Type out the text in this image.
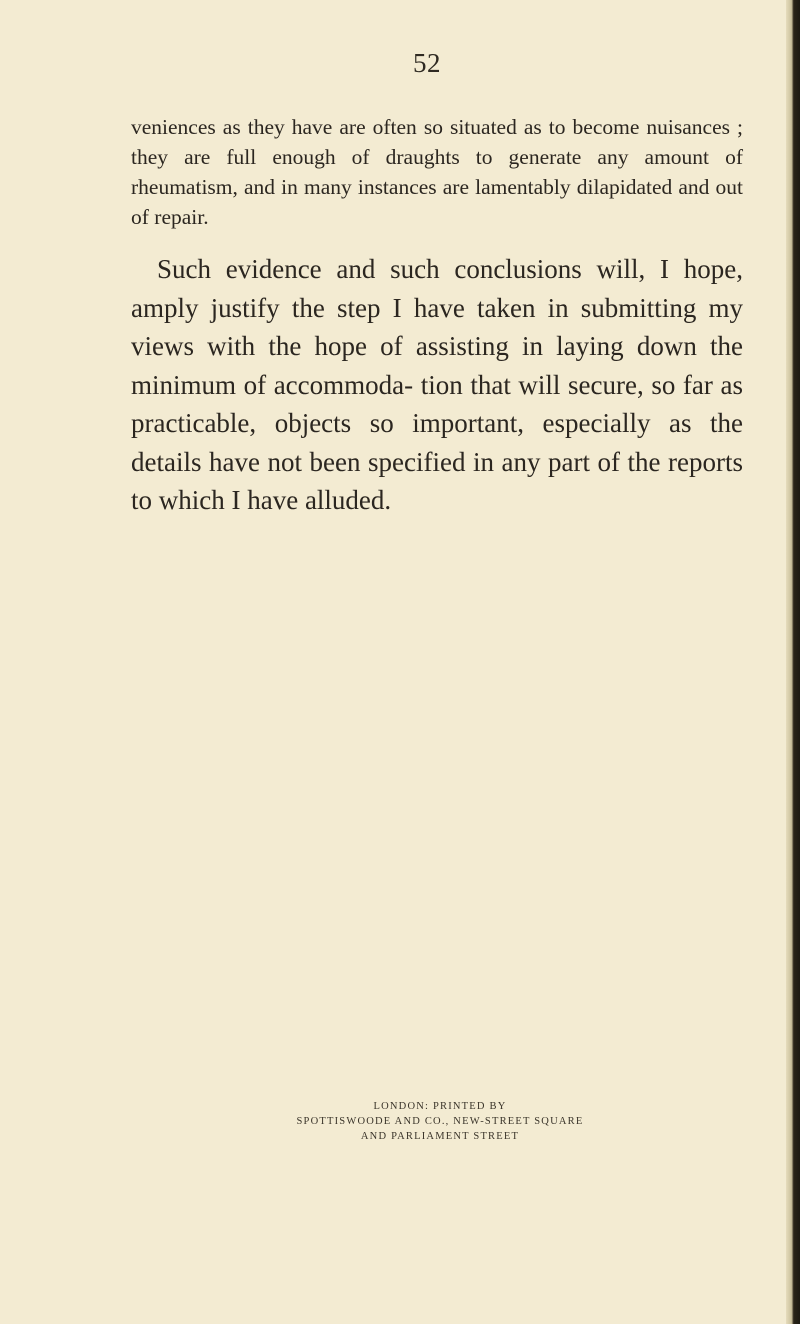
52

veniences as they have are often so situated as to become nuisances ; they are full enough of draughts to generate any amount of rheumatism, and in many instances are lamentably dilapidated and out of repair.

Such evidence and such conclusions will, I hope, amply justify the step I have taken in submitting my views with the hope of assisting in laying down the minimum of accommoda- tion that will secure, so far as practicable, objects so important, especially as the details have not been specified in any part of the reports to which I have alluded.

LONDON: PRINTED BY
SPOTTISWOODE AND CO., NEW-STREET SQUARE
AND PARLIAMENT STREET
